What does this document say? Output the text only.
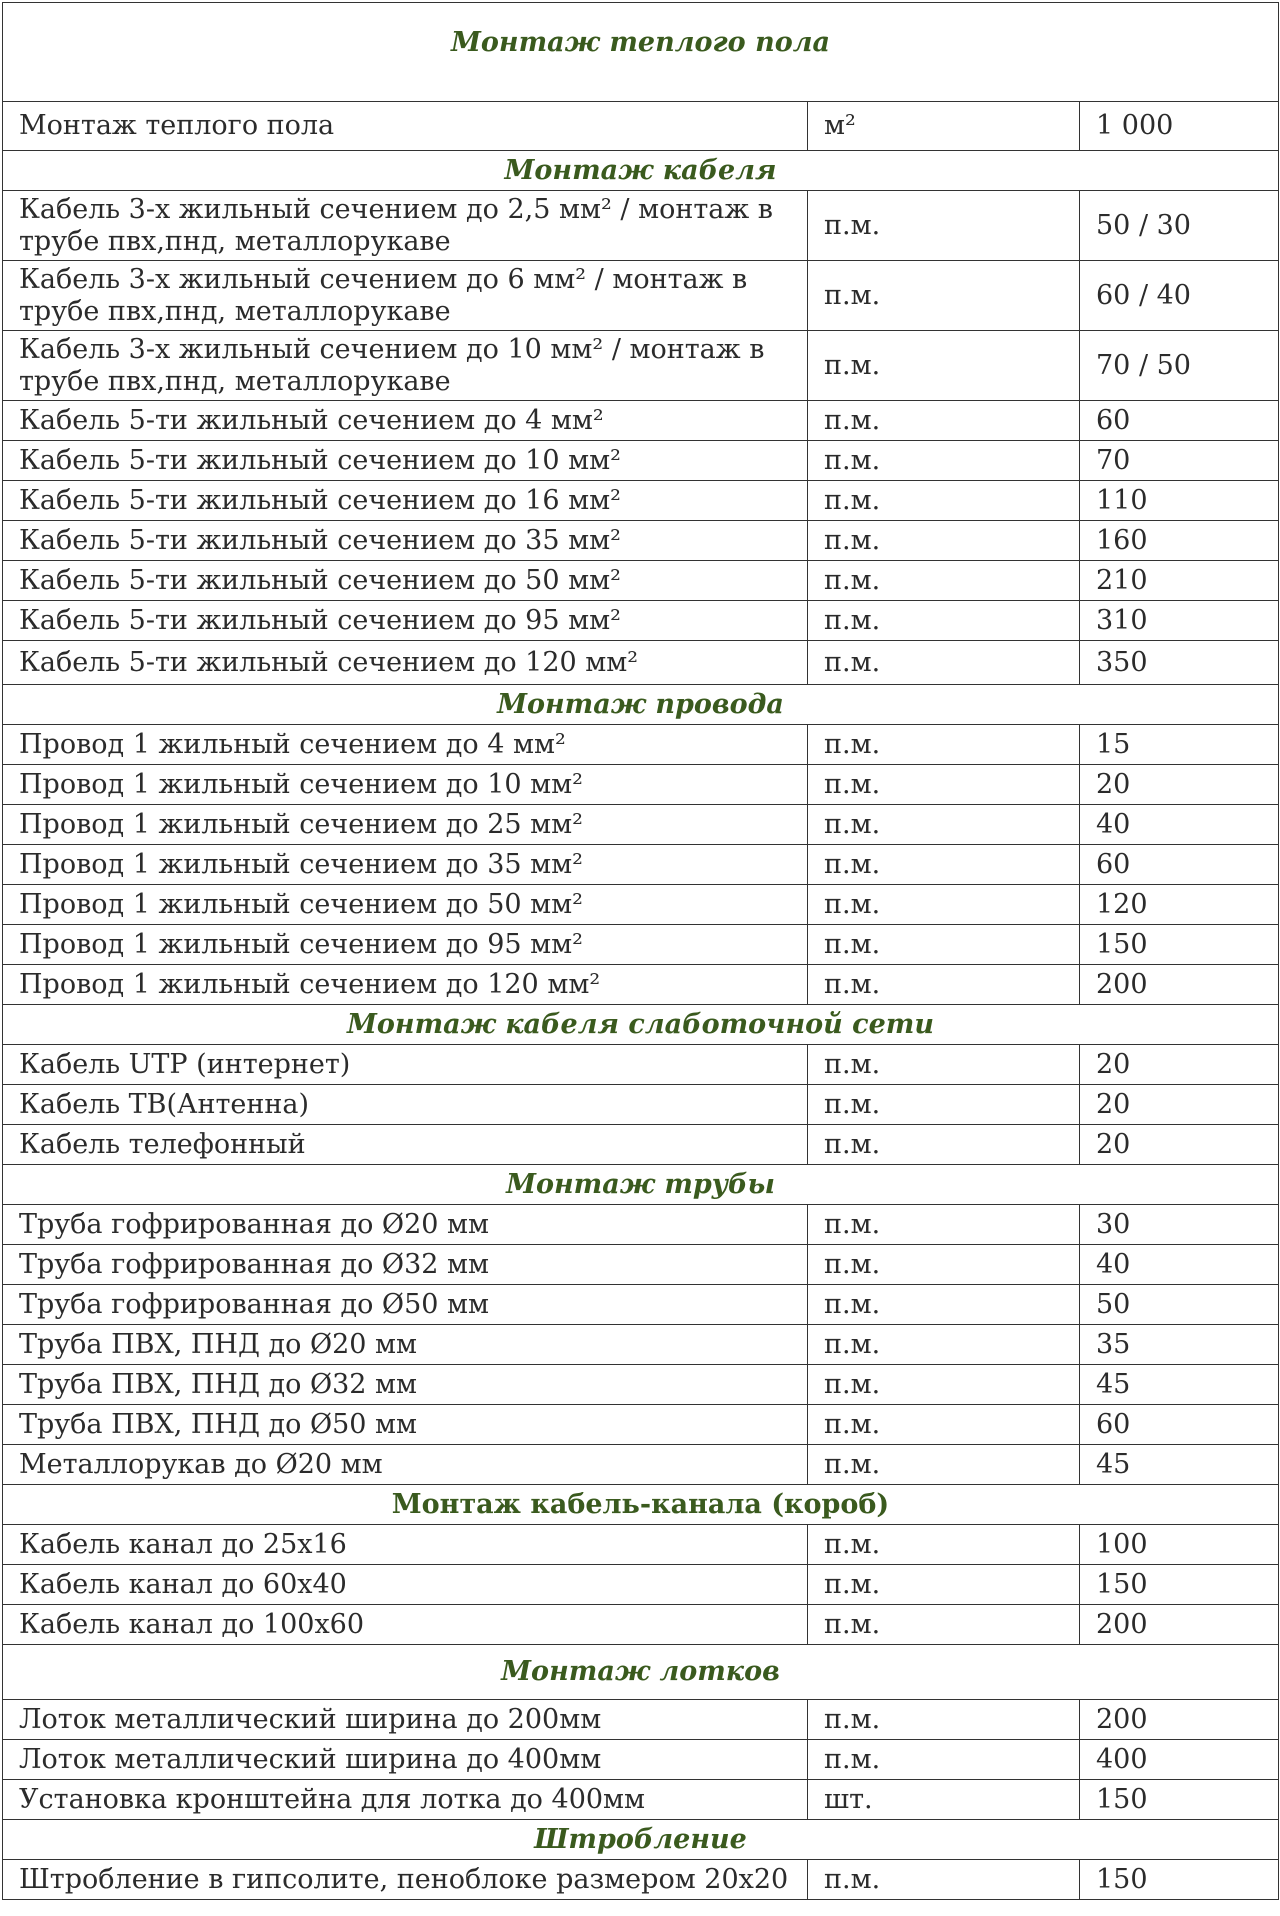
Монтаж теплого пола		
Монтаж теплого пола	м²	1 000
Монтаж кабеля		
Кабель 3-х жильный сечением до 2,5 мм² / монтаж в трубе пвх,пнд, металлорукаве	п.м.	50 / 30
Кабель 3-х жильный сечением до 6 мм² / монтаж в трубе пвх,пнд, металлорукаве	п.м.	60 / 40
Кабель 3-х жильный сечением до 10 мм² / монтаж в трубе пвх,пнд, металлорукаве	п.м.	70 / 50
Кабель 5-ти жильный сечением до 4 мм²	п.м.	60
Кабель 5-ти жильный сечением до 10 мм²	п.м.	70
Кабель 5-ти жильный сечением до 16 мм²	п.м.	110
Кабель 5-ти жильный сечением до 35 мм²	п.м.	160
Кабель 5-ти жильный сечением до 50 мм²	п.м.	210
Кабель 5-ти жильный сечением до 95 мм²	п.м.	310
Кабель 5-ти жильный сечением до 120 мм²	п.м.	350
Монтаж провода		
Провод 1 жильный сечением до 4 мм²	п.м.	15
Провод 1 жильный сечением до 10 мм²	п.м.	20
Провод 1 жильный сечением до 25 мм²	п.м.	40
Провод 1 жильный сечением до 35 мм²	п.м.	60
Провод 1 жильный сечением до 50 мм²	п.м.	120
Провод 1 жильный сечением до 95 мм²	п.м.	150
Провод 1 жильный сечением до 120 мм²	п.м.	200
Монтаж кабеля слаботочной сети		
Кабель UTP (интернет)	п.м.	20
Кабель ТВ(Антенна)	п.м.	20
Кабель телефонный	п.м.	20
Монтаж трубы		
Труба гофрированная до Ø20 мм	п.м.	30
Труба гофрированная до Ø32 мм	п.м.	40
Труба гофрированная до Ø50 мм	п.м.	50
Труба ПВХ, ПНД до Ø20 мм	п.м.	35
Труба ПВХ, ПНД до Ø32 мм	п.м.	45
Труба ПВХ, ПНД до Ø50 мм	п.м.	60
Металлорукав до Ø20 мм	п.м.	45
Монтаж кабель-канала (короб)		
Кабель канал до 25х16	п.м.	100
Кабель канал до 60х40	п.м.	150
Кабель канал до 100х60	п.м.	200
Монтаж лотков		
Лоток металлический ширина до 200мм	п.м.	200
Лоток металлический ширина до 400мм	п.м.	400
Установка кронштейна для лотка до 400мм	шт.	150
Штробление		
Штробление в гипсолите, пеноблоке размером 20х20	п.м.	150
